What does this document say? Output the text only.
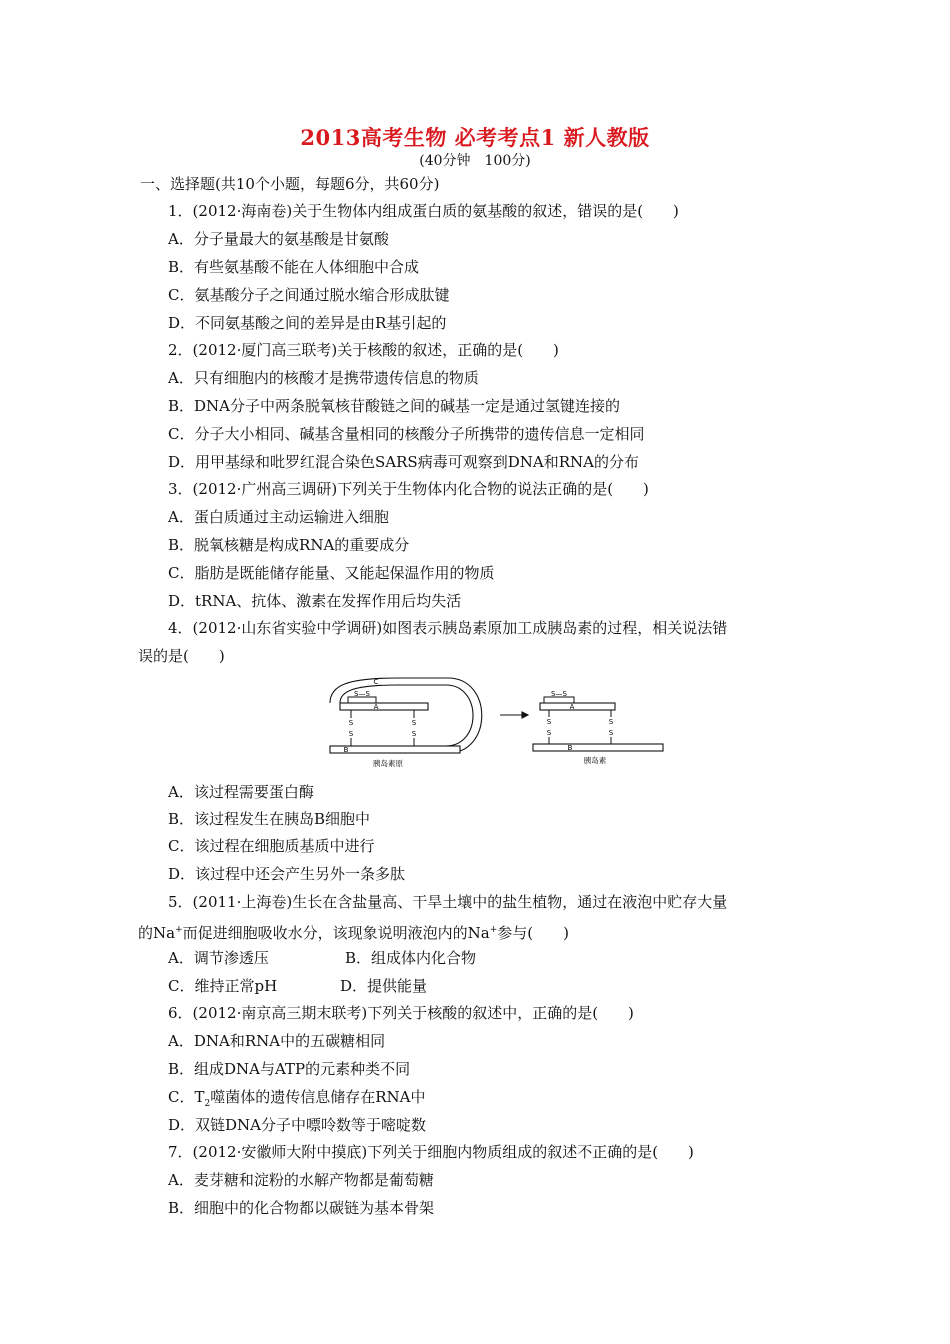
2013高考生物 必考考点1 新人教版
(40分钟　100分)
一、选择题(共10个小题，每题6分，共60分)
1．(2012·海南卷)关于生物体内组成蛋白质的氨基酸的叙述，错误的是(　　)
A．分子量最大的氨基酸是甘氨酸
B．有些氨基酸不能在人体细胞中合成
C．氨基酸分子之间通过脱水缩合形成肽键
D．不同氨基酸之间的差异是由R基引起的
2．(2012·厦门高三联考)关于核酸的叙述，正确的是(　　)
A．只有细胞内的核酸才是携带遗传信息的物质
B．DNA分子中两条脱氧核苷酸链之间的碱基一定是通过氢键连接的
C．分子大小相同、碱基含量相同的核酸分子所携带的遗传信息一定相同
D．用甲基绿和吡罗红混合染色SARS病毒可观察到DNA和RNA的分布
3．(2012·广州高三调研)下列关于生物体内化合物的说法正确的是(　　)
A．蛋白质通过主动运输进入细胞
B．脱氧核糖是构成RNA的重要成分
C．脂肪是既能储存能量、又能起保温作用的物质
D．tRNA、抗体、激素在发挥作用后均失活
4．(2012·山东省实验中学调研)如图表示胰岛素原加工成胰岛素的过程，相关说法错
误的是(　　)
S—S
S
S
S
S
C
A
B
胰岛素原
S—S
S
S
S
S
A
B
胰岛素
A．该过程需要蛋白酶
B．该过程发生在胰岛B细胞中
C．该过程在细胞质基质中进行
D．该过程中还会产生另外一条多肽
5．(2011·上海卷)生长在含盐量高、干旱土壤中的盐生植物，通过在液泡中贮存大量
的Na+而促进细胞吸收水分，该现象说明液泡内的Na+参与(　　)
A．调节渗透压	B．组成体内化合物
C．维持正常pH	D．提供能量
6．(2012·南京高三期末联考)下列关于核酸的叙述中，正确的是(　　)
A．DNA和RNA中的五碳糖相同
B．组成DNA与ATP的元素种类不同
C．$T_2$噬菌体的遗传信息储存在RNA中
D．双链DNA分子中嘌呤数等于嘧啶数
7．(2012·安徽师大附中摸底)下列关于细胞内物质组成的叙述不正确的是(　　)
A．麦芽糖和淀粉的水解产物都是葡萄糖
B．细胞中的化合物都以碳链为基本骨架
